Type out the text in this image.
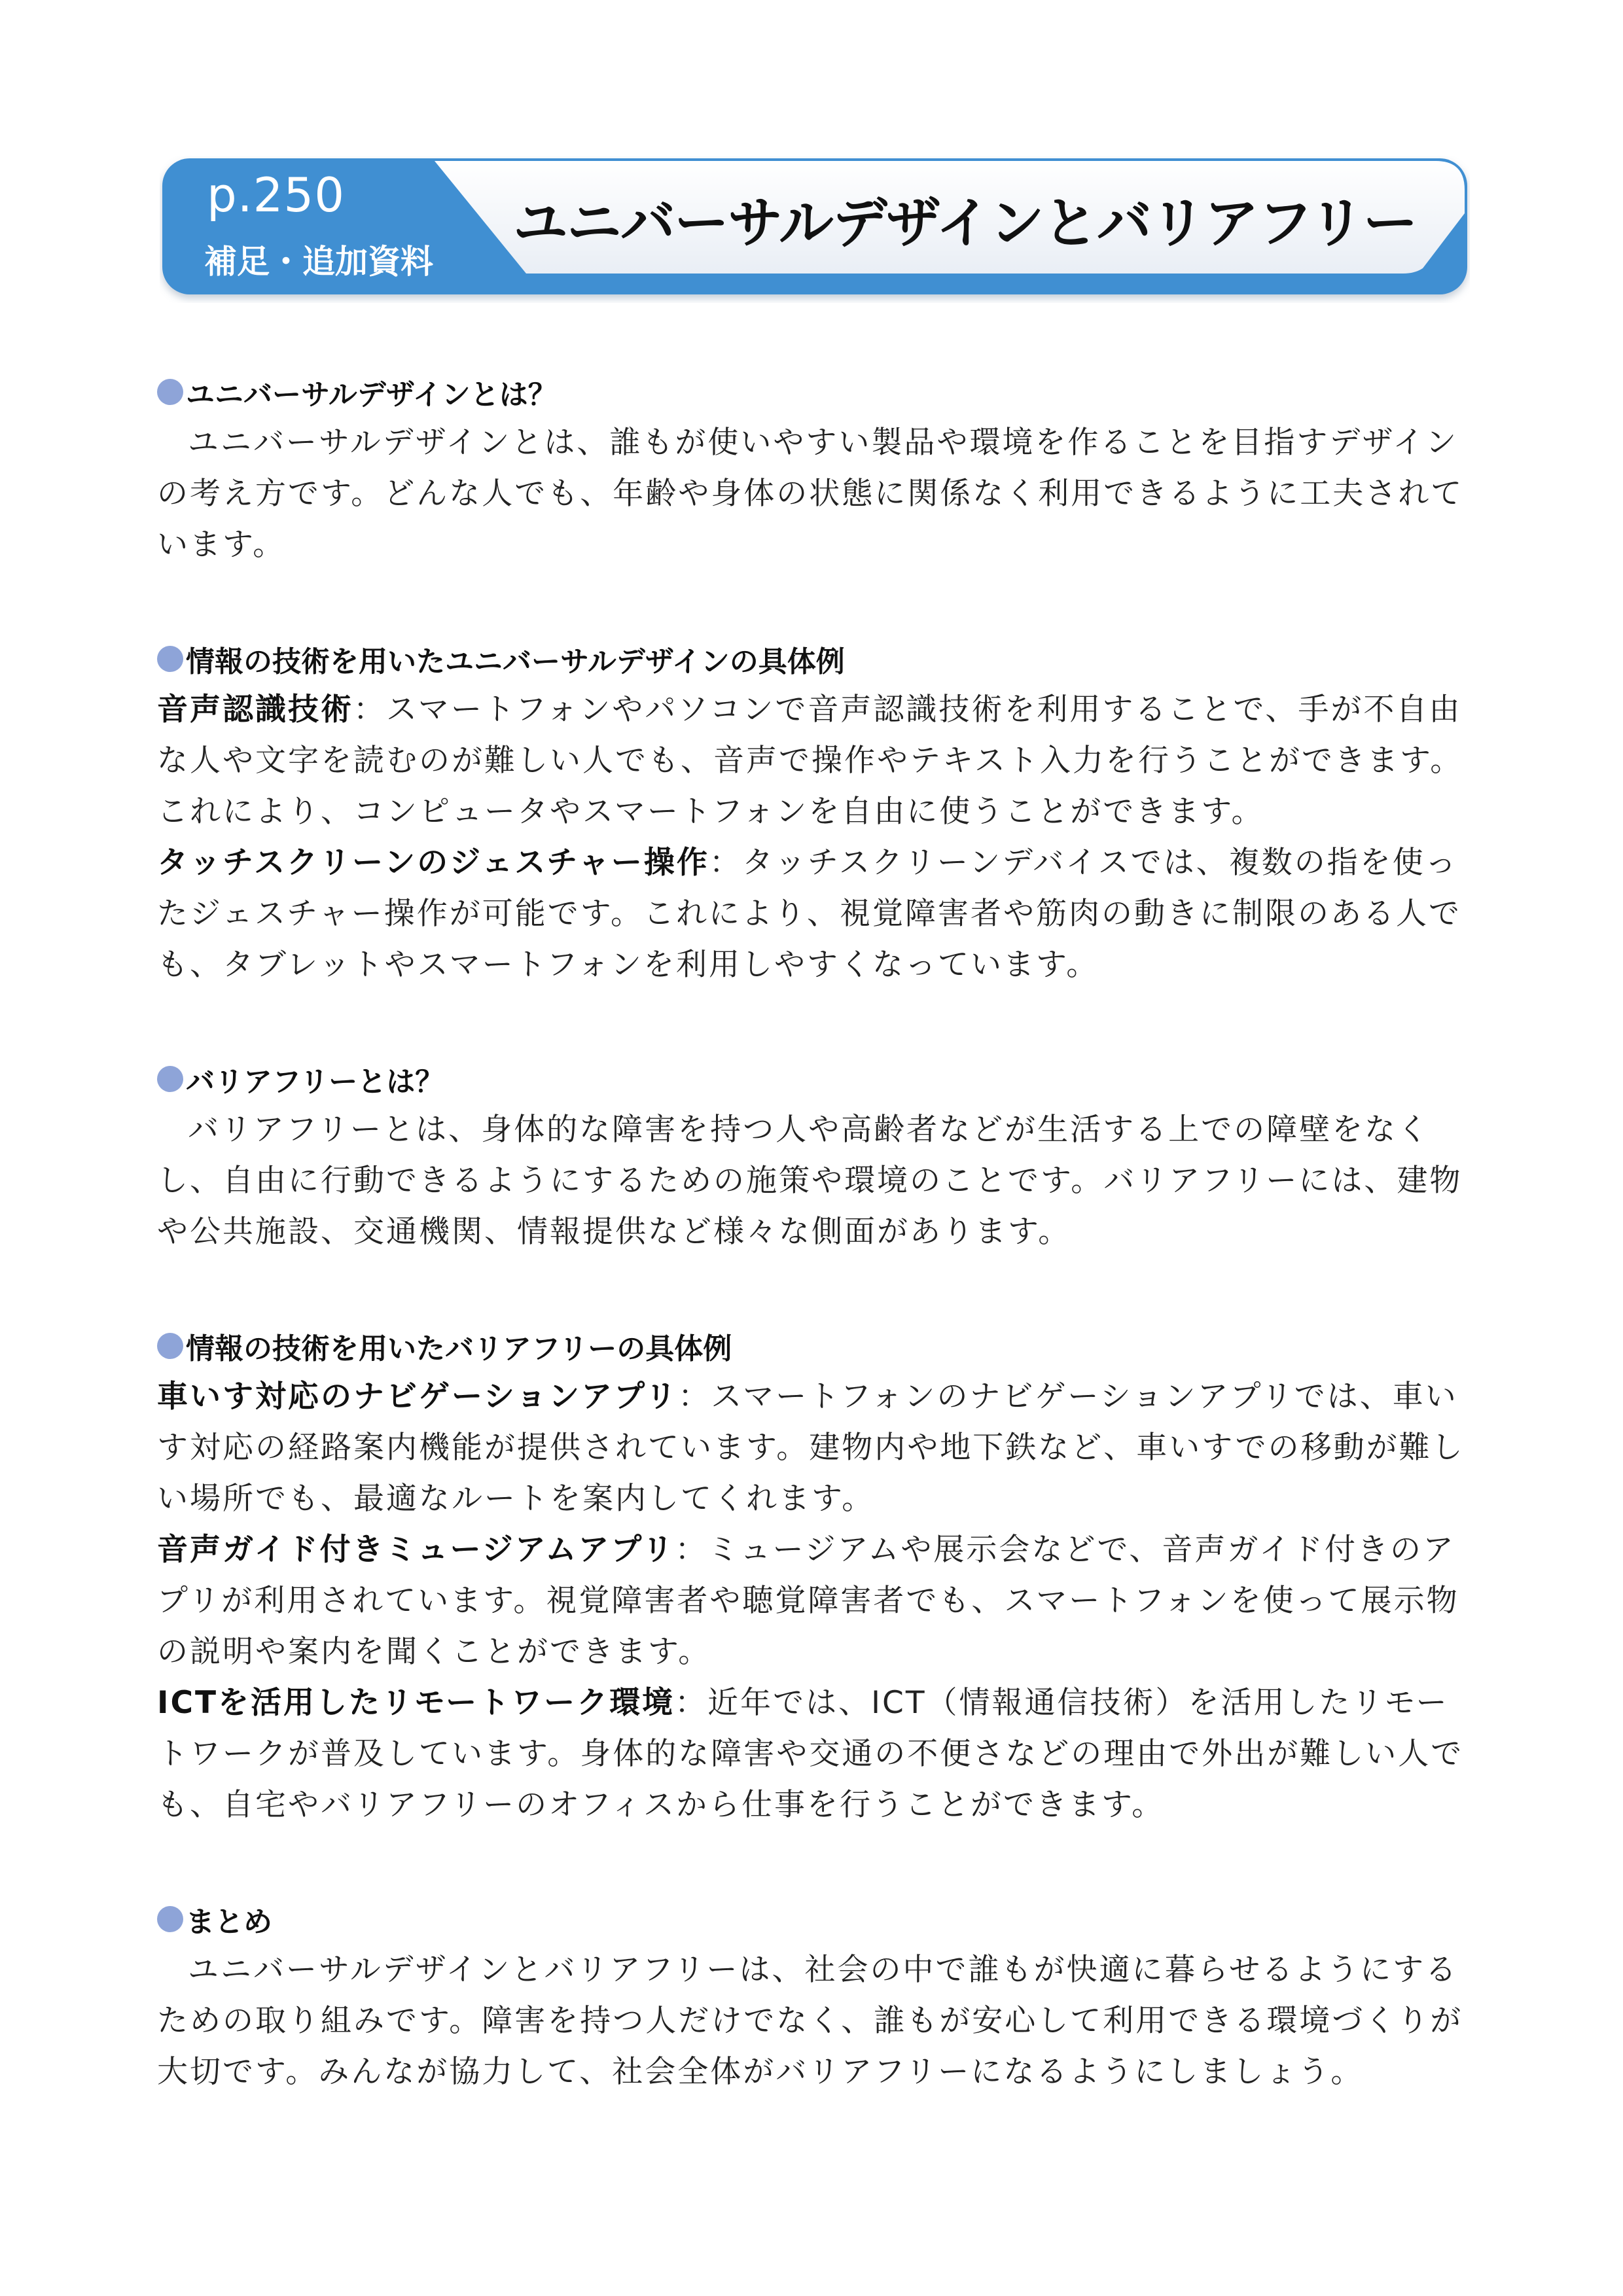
p.250
補足・追加資料
ユニバーサルデザインとバリアフリー
ユニバーサルデザインとは？

ユニバーサルデザインとは、誰もが使いやすい製品や環境を作ることを目指すデザインの考え方です。どんな人でも、年齢や身体の状態に関係なく利用できるように工夫されています。

情報の技術を用いたユニバーサルデザインの具体例

音声認識技術：スマートフォンやパソコンで音声認識技術を利用することで、手が不自由な人や文字を読むのが難しい人でも、音声で操作やテキスト入力を行うことができます。これにより、コンピュータやスマートフォンを自由に使うことができます。

タッチスクリーンのジェスチャー操作：タッチスクリーンデバイスでは、複数の指を使ったジェスチャー操作が可能です。これにより、視覚障害者や筋肉の動きに制限のある人でも、タブレットやスマートフォンを利用しやすくなっています。

バリアフリーとは？

バリアフリーとは、身体的な障害を持つ人や高齢者などが生活する上での障壁をなくし、自由に行動できるようにするための施策や環境のことです。バリアフリーには、建物や公共施設、交通機関、情報提供など様々な側面があります。

情報の技術を用いたバリアフリーの具体例

車いす対応のナビゲーションアプリ：スマートフォンのナビゲーションアプリでは、車いす対応の経路案内機能が提供されています。建物内や地下鉄など、車いすでの移動が難しい場所でも、最適なルートを案内してくれます。

音声ガイド付きミュージアムアプリ：ミュージアムや展示会などで、音声ガイド付きのアプリが利用されています。視覚障害者や聴覚障害者でも、スマートフォンを使って展示物の説明や案内を聞くことができます。

ICTを活用したリモートワーク環境：近年では、ICT（情報通信技術）を活用したリモートワークが普及しています。身体的な障害や交通の不便さなどの理由で外出が難しい人でも、自宅やバリアフリーのオフィスから仕事を行うことができます。

まとめ

ユニバーサルデザインとバリアフリーは、社会の中で誰もが快適に暮らせるようにするための取り組みです。障害を持つ人だけでなく、誰もが安心して利用できる環境づくりが大切です。みんなが協力して、社会全体がバリアフリーになるようにしましょう。
